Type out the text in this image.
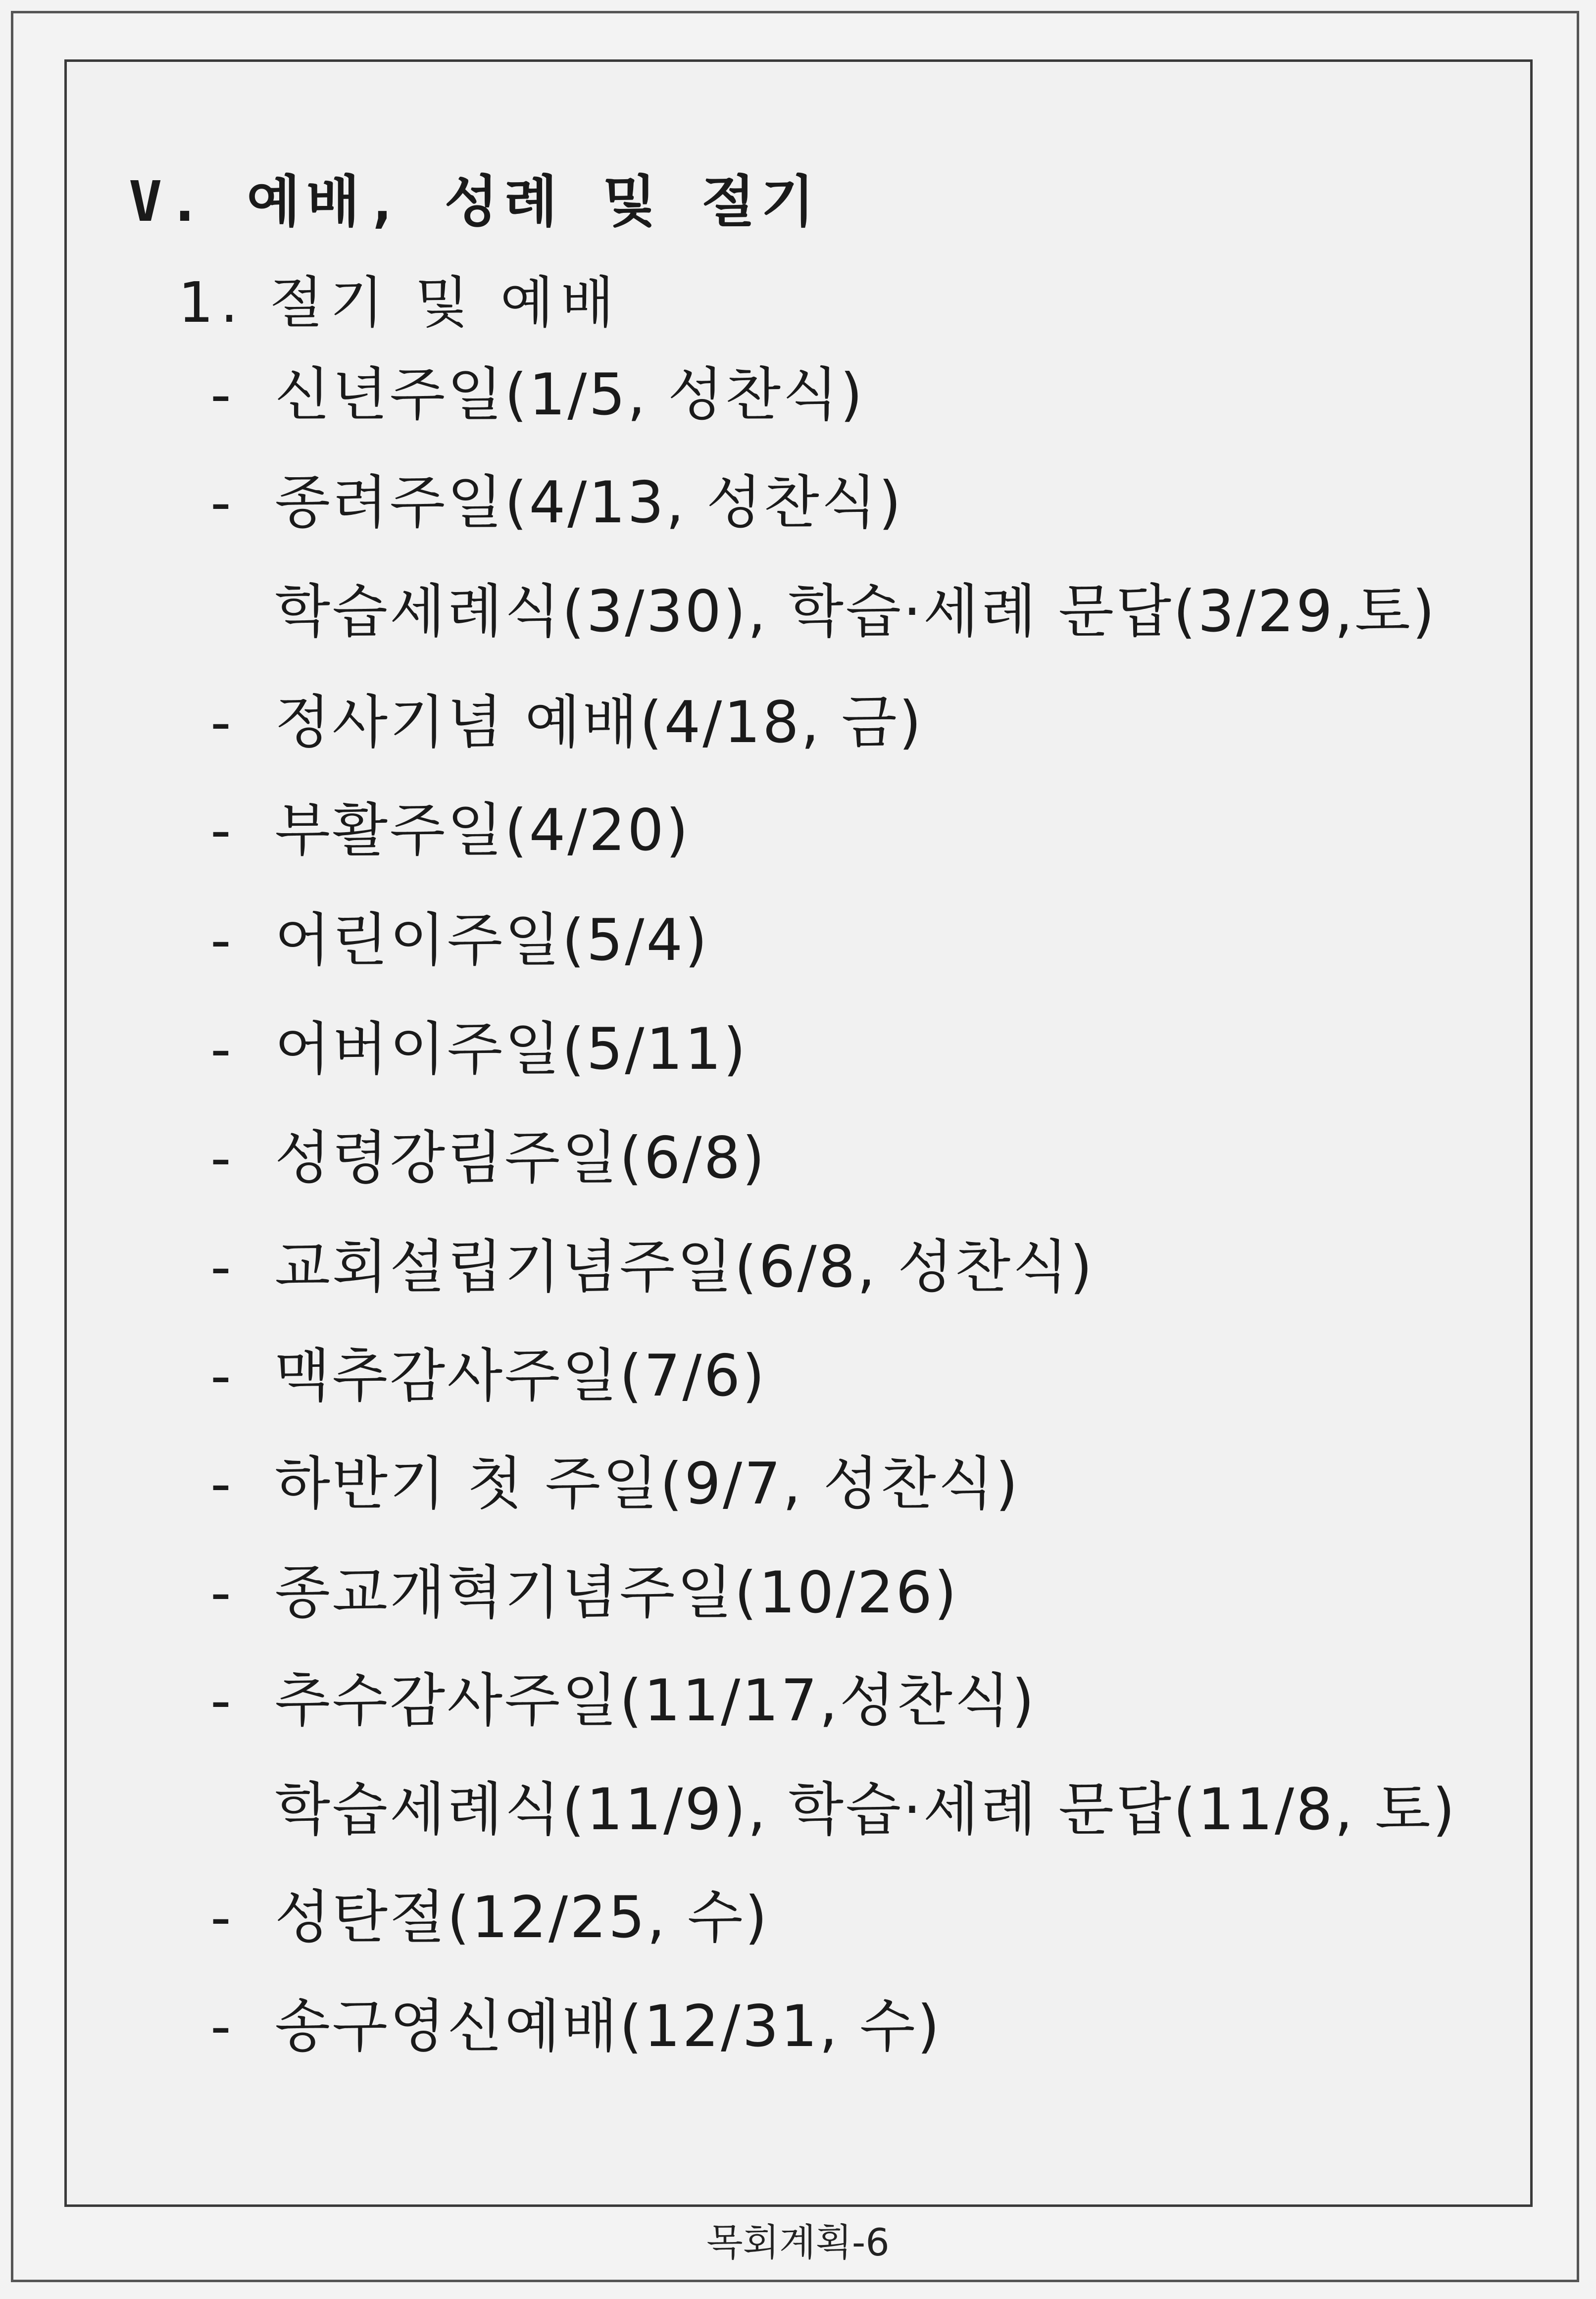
V. 예배, 성례 및 절기
1. 절기 및 예배
- 신년주일(1/5, 성찬식)
- 종려주일(4/13, 성찬식)
학습세례식(3/30), 학습·세례 문답(3/29,토)
- 정사기념 예배(4/18, 금)
- 부활주일(4/20)
- 어린이주일(5/4)
- 어버이주일(5/11)
- 성령강림주일(6/8)
- 교회설립기념주일(6/8, 성찬식)
- 맥추감사주일(7/6)
- 하반기 첫 주일(9/7, 성찬식)
- 종교개혁기념주일(10/26)
- 추수감사주일(11/17,성찬식)
학습세례식(11/9), 학습·세례 문답(11/8, 토)
- 성탄절(12/25, 수)
- 송구영신예배(12/31, 수)
목회계획-6
